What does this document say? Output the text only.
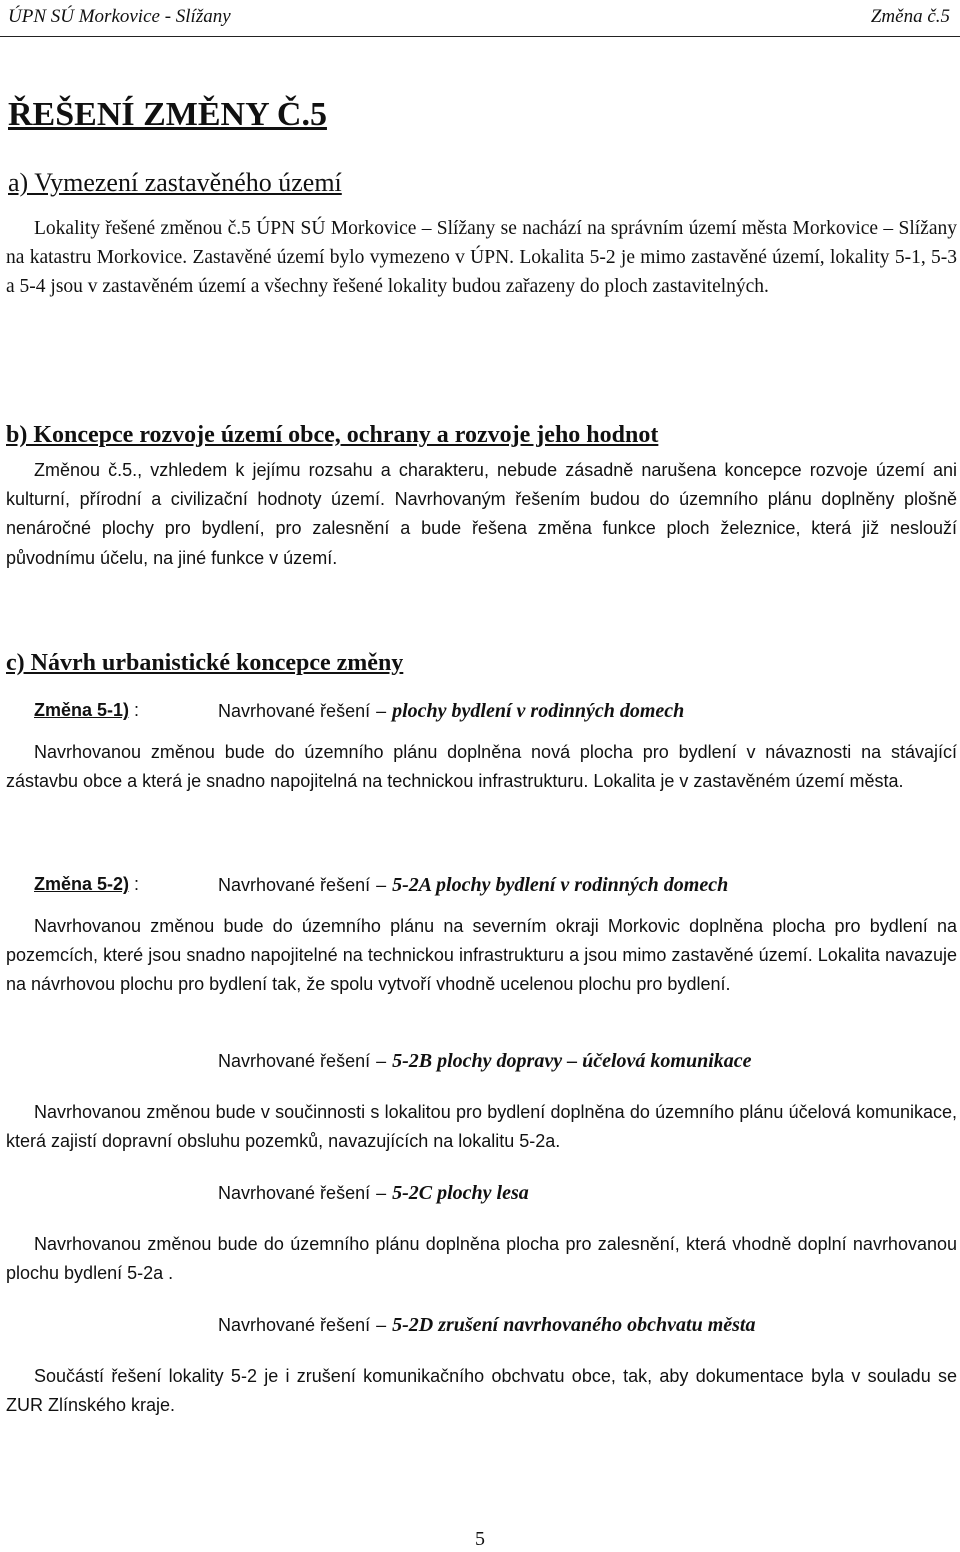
ÚPN SÚ Morkovice - Slížany	Změna č.5
ŘEŠENÍ ZMĚNY Č.5
a) Vymezení zastavěného území

Lokality řešené změnou č.5 ÚPN SÚ Morkovice – Slížany se nachází na správním území města Morkovice – Slížany na katastru Morkovice. Zastavěné území bylo vymezeno v ÚPN. Lokalita 5-2 je mimo zastavěné území, lokality 5-1, 5-3 a 5-4 jsou v zastavěném území a všechny řešené lokality budou zařazeny do ploch zastavitelných.

b) Koncepce rozvoje území obce, ochrany a rozvoje jeho hodnot

Změnou č.5., vzhledem k jejímu rozsahu a charakteru, nebude zásadně narušena koncepce rozvoje území ani kulturní, přírodní a civilizační hodnoty území. Navrhovaným řešením budou do územního plánu doplněny plošně nenáročné plochy pro bydlení, pro zalesnění a bude řešena změna funkce ploch železnice, která již neslouží původnímu účelu, na jiné funkce v území.

c) Návrh urbanistické koncepce změny
Změna 5-1) :	Navrhované řešení – plochy bydlení v rodinných domech

Navrhovanou změnou bude do územního plánu doplněna nová plocha pro bydlení v návaznosti na stávající zástavbu obce a která je snadno napojitelná na technickou infrastrukturu. Lokalita je v zastavěném území města.

Změna 5-2) :	Navrhované řešení – 5-2A plochy bydlení v rodinných domech

Navrhovanou změnou bude do územního plánu na severním okraji Morkovic doplněna plocha pro bydlení na pozemcích, které jsou snadno napojitelné na technickou infrastrukturu a jsou mimo zastavěné území. Lokalita navazuje na návrhovou plochu pro bydlení tak, že spolu vytvoří vhodně ucelenou plochu pro bydlení.

Navrhované řešení – 5-2B plochy dopravy – účelová komunikace

Navrhovanou změnou bude v součinnosti s lokalitou pro bydlení doplněna do územního plánu účelová komunikace, která zajistí dopravní obsluhu pozemků, navazujících na lokalitu 5-2a.

Navrhované řešení – 5-2C plochy lesa

Navrhovanou změnou bude do územního plánu doplněna plocha pro zalesnění, která vhodně doplní navrhovanou plochu bydlení 5-2a .

Navrhované řešení – 5-2D zrušení navrhovaného obchvatu města

Součástí řešení lokality 5-2 je i zrušení komunikačního obchvatu obce, tak, aby dokumentace byla v souladu se ZUR Zlínského kraje.

5
